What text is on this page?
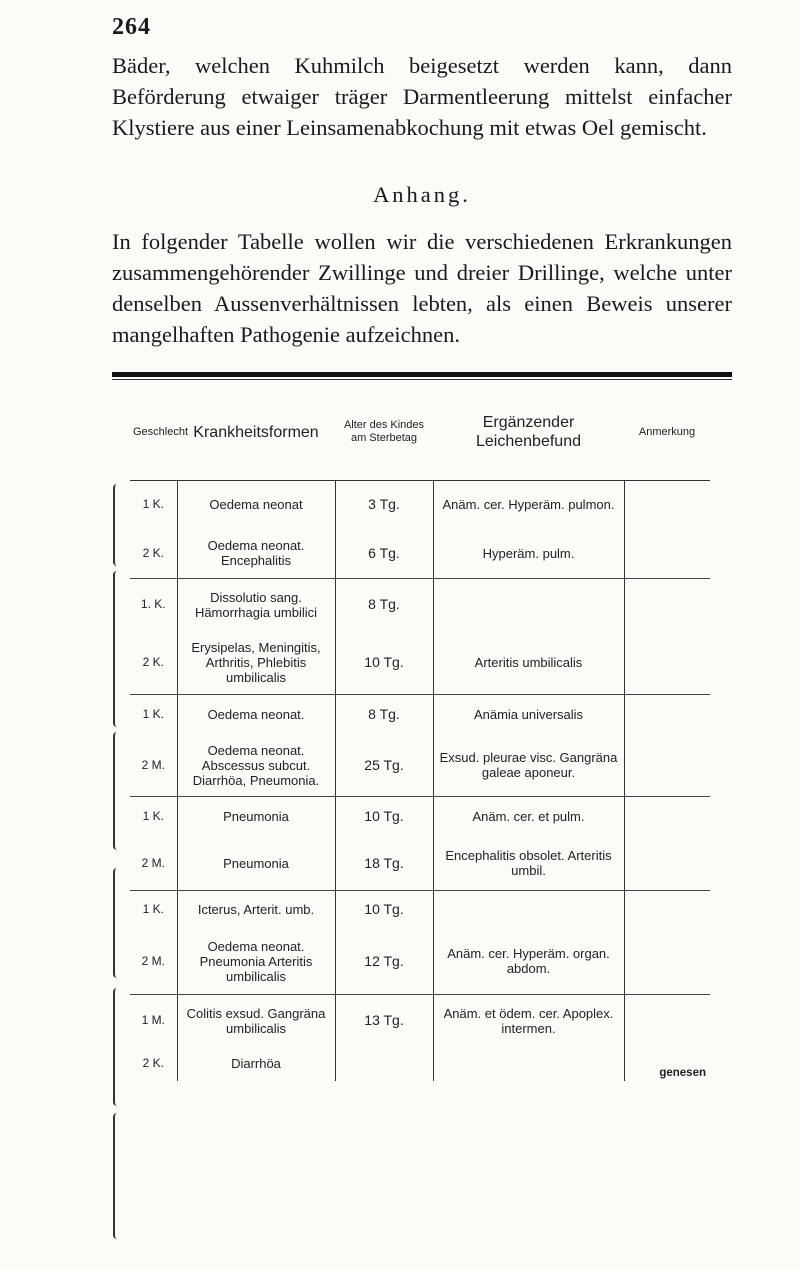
264

Bäder, welchen Kuhmilch beigesetzt werden kann, dann Beförderung etwaiger träger Darmentleerung mittelst einfacher Klystiere aus einer Leinsamenabkochung mit etwas Oel gemischt.

Anhang.

In folgender Tabelle wollen wir die verschiedenen Erkrankungen zusammengehörender Zwillinge und dreier Drillinge, welche unter denselben Aussenverhältnissen lebten, als einen Beweis unserer mangelhaften Pathogenie aufzeichnen.

Geschlecht	Krankheitsformen	Alter des Kindes am Sterbetag	Ergänzender Leichenbefund	Anmerkung
1 K.	Oedema neonat	3 Tg.	Anäm. cer. Hyperäm. pulmon.	
2 K.	Oedema neonat. Encephalitis	6 Tg.	Hyperäm. pulm.	
1. K.	Dissolutio sang. Hämorrhagia umbilici	8 Tg.		
2 K.	Erysipelas, Meningitis, Arthritis, Phlebitis umbilicalis	10 Tg.	Arteritis umbilicalis	
1 K.	Oedema neonat.	8 Tg.	Anämia universalis	
2 M.	Oedema neonat. Abscessus subcut. Diarrhöa, Pneumonia.	25 Tg.	Exsud. pleurae visc. Gangräna galeae aponeur.	
1 K.	Pneumonia	10 Tg.	Anäm. cer. et pulm.	
2 M.	Pneumonia	18 Tg.	Encephalitis obsolet. Arteritis umbil.	
1 K.	Icterus, Arterit. umb.	10 Tg.		
2 M.	Oedema neonat. Pneumonia Arteritis umbilicalis	12 Tg.	Anäm. cer. Hyperäm. organ. abdom.	
1 M.	Colitis exsud. Gangräna umbilicalis	13 Tg.	Anäm. et ödem. cer. Apoplex. intermen.	
2 K.	Diarrhöa			genesen
